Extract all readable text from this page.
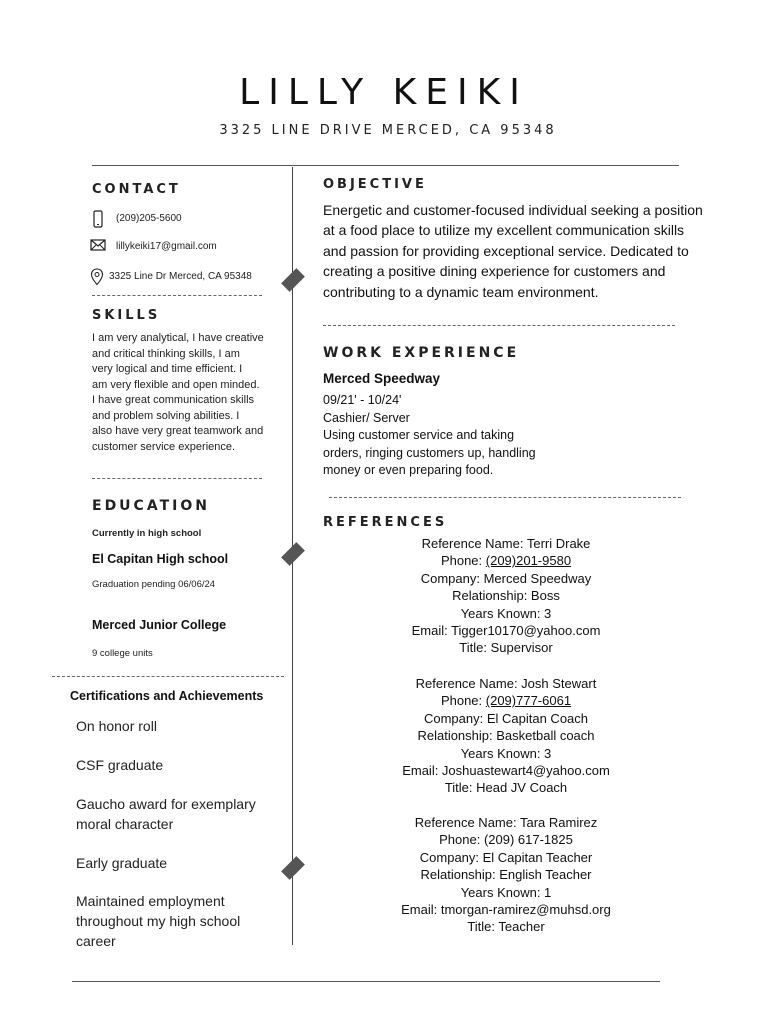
LILLY KEIKI
3325 LINE DRIVE MERCED, CA 95348
CONTACT
(209)205-5600
lillykeiki17@gmail.com
3325 Line Dr Merced, CA 95348
SKILLS
I am very analytical, I have creative
and critical thinking skills, I am
very logical and time efficient. I
am very flexible and open minded.
I have great communication skills
and problem solving abilities. I
also have very great teamwork and
customer service experience.
EDUCATION
Currently in high school
El Capitan High school
Graduation pending 06/06/24
Merced Junior College
9 college units
Certifications and Achievements
On honor roll
CSF graduate
Gaucho award for exemplary moral character
Early graduate
Maintained employment throughout my high school career
OBJECTIVE
Energetic and customer-focused individual seeking a position at a food place to utilize my excellent communication skills and passion for providing exceptional service. Dedicated to creating a positive dining experience for customers and contributing to a dynamic team environment.
WORK EXPERIENCE
Merced Speedway
09/21' - 10/24'
Cashier/ Server
Using customer service and taking
orders, ringing customers up, handling
money or even preparing food.
REFERENCES
Reference Name: Terri Drake
Phone: (209)201-9580
Company: Merced Speedway
Relationship: Boss
Years Known: 3
Email: Tigger10170@yahoo.com
Title: Supervisor
Reference Name: Josh Stewart
Phone: (209)777-6061
Company: El Capitan Coach
Relationship: Basketball coach
Years Known: 3
Email: Joshuastewart4@yahoo.com
Title: Head JV Coach
Reference Name: Tara Ramirez
Phone: (209) 617-1825
Company: El Capitan Teacher
Relationship: English Teacher
Years Known: 1
Email: tmorgan-ramirez@muhsd.org
Title: Teacher
